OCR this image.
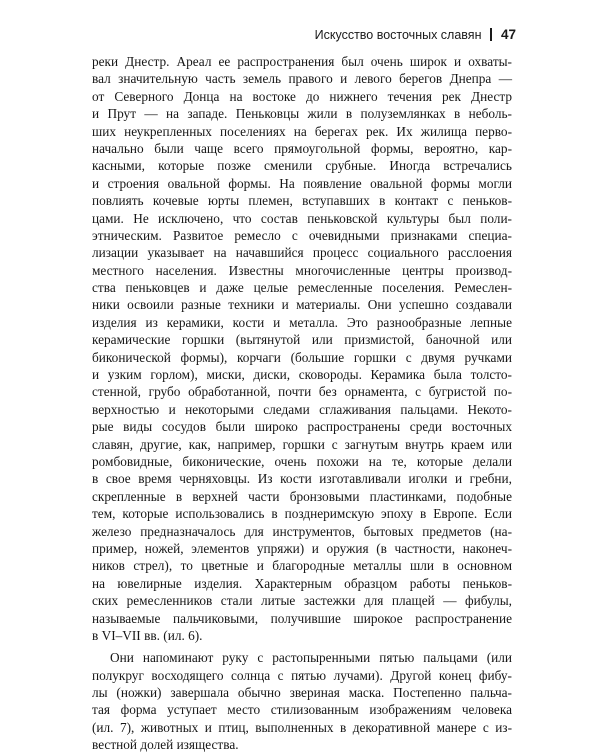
Искусство восточных славян 47
реки Днестр. Ареал ее распространения был очень широк и охваты-
вал значительную часть земель правого и левого берегов Днепра —
от Северного Донца на востоке до нижнего течения рек Днестр
и Прут — на западе. Пеньковцы жили в полуземлянках в неболь-
ших неукрепленных поселениях на берегах рек. Их жилища перво-
начально были чаще всего прямоугольной формы, вероятно, кар-
касными, которые позже сменили срубные. Иногда встречались
и строения овальной формы. На появление овальной формы могли
повлиять кочевые юрты племен, вступавших в контакт с пеньков-
цами. Не исключено, что состав пеньковской культуры был поли-
этническим. Развитое ремесло с очевидными признаками специа-
лизации указывает на начавшийся процесс социального расслоения
местного населения. Известны многочисленные центры производ-
ства пеньковцев и даже целые ремесленные поселения. Ремеслен-
ники освоили разные техники и материалы. Они успешно создавали
изделия из керамики, кости и металла. Это разнообразные лепные
керамические горшки (вытянутой или призмистой, баночной или
биконической формы), корчаги (большие горшки с двумя ручками
и узким горлом), миски, диски, сковороды. Керамика была толсто-
стенной, грубо обработанной, почти без орнамента, с бугристой по-
верхностью и некоторыми следами сглаживания пальцами. Некото-
рые виды сосудов были широко распространены среди восточных
славян, другие, как, например, горшки с загнутым внутрь краем или
ромбовидные, биконические, очень похожи на те, которые делали
в свое время черняховцы. Из кости изготавливали иголки и гребни,
скрепленные в верхней части бронзовыми пластинками, подобные
тем, которые использовались в позднеримскую эпоху в Европе. Если
железо предназначалось для инструментов, бытовых предметов (на-
пример, ножей, элементов упряжи) и оружия (в частности, наконеч-
ников стрел), то цветные и благородные металлы шли в основном
на ювелирные изделия. Характерным образцом работы пеньков-
ских ремесленников стали литые застежки для плащей — фибулы,
называемые пальчиковыми, получившие широкое распространение
в VI–VII вв. (ил. 6).
Они напоминают руку с растопыренными пятью пальцами (или
полукруг восходящего солнца с пятью лучами). Другой конец фибу-
лы (ножки) завершала обычно звериная маска. Постепенно пальча-
тая форма уступает место стилизованным изображениям человека
(ил. 7), животных и птиц, выполненных в декоративной манере с из-
вестной долей изящества.
